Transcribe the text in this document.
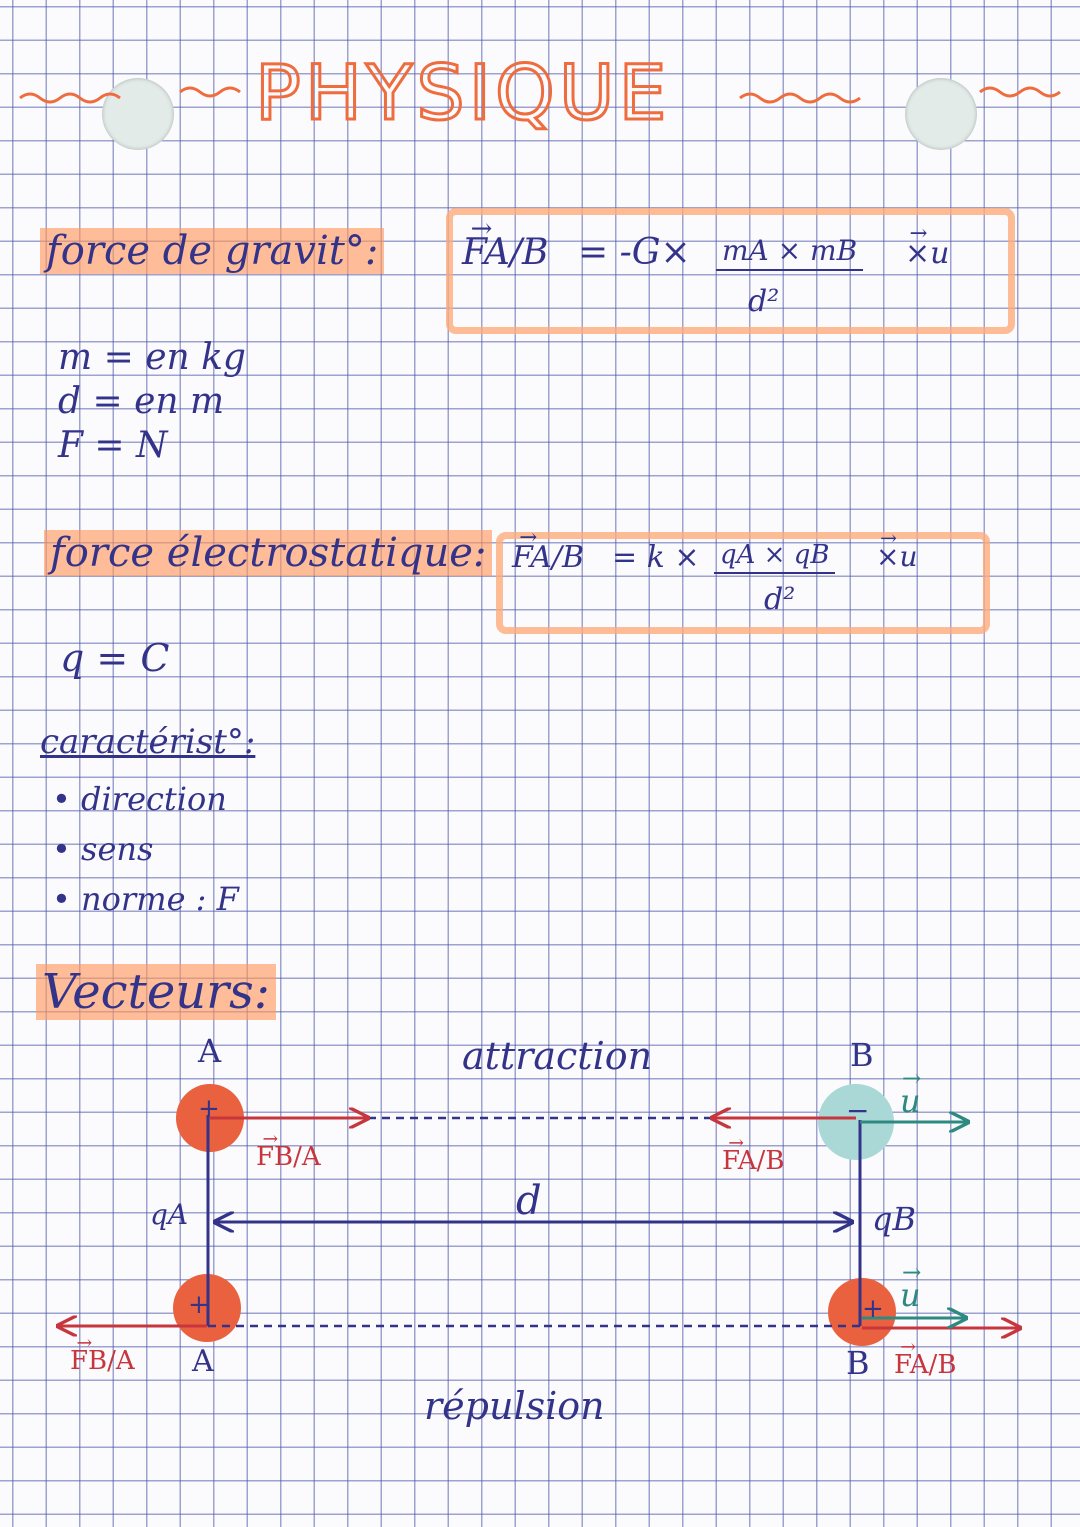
PHYSIQUE
force de gravit°: → FA/B = -G× mA × mB
d²
→ ×u
m = en kg
d = en m
F = N
force électrostatique: → FA/B = k × qA × qB
d²
→ ×u
q = C
caractérist°:
• direction
• sens
• norme : F
Vecteurs:
A	B
attraction
+	−
+	+
→ FB/A	→ FA/B
→ u
qA	qB
d
→ u
→ FB/A A	B → FA/B
répulsion
